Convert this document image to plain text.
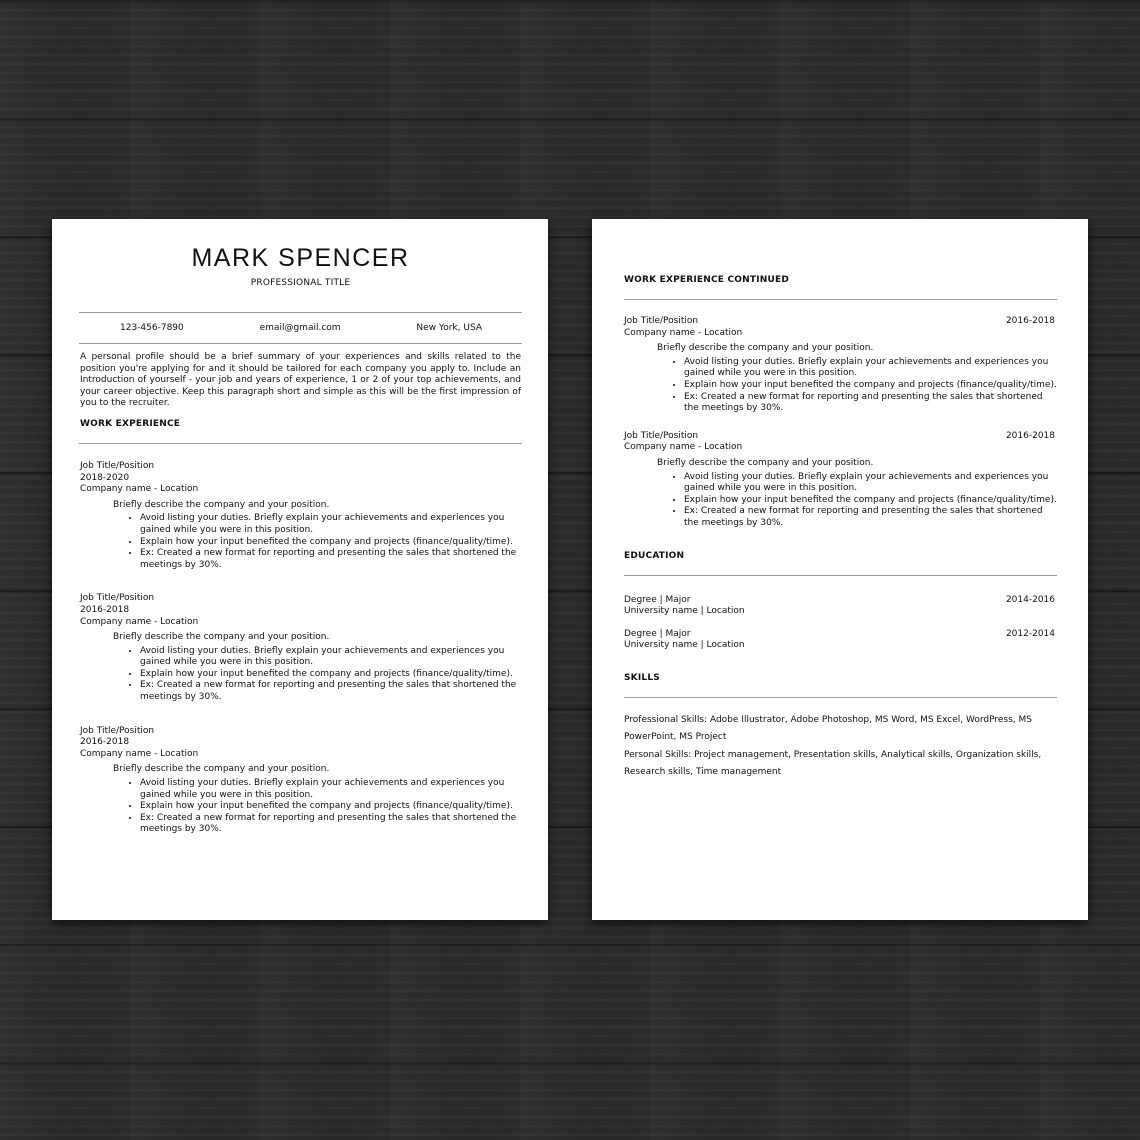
MARK SPENCER
PROFESSIONAL TITLE
123-456-7890	email@gmail.com	New York, USA

A personal profile should be a brief summary of your experiences and skills related to the position you're applying for and it should be tailored for each company you apply to. Include an Introduction of yourself - your job and years of experience, 1 or 2 of your top achievements, and your career objective. Keep this paragraph short and simple as this will be the first impression of you to the recruiter.

WORK EXPERIENCE
Job Title/Position
2018-2020
Company name - Location
Briefly describe the company and your position.
• Avoid listing your duties. Briefly explain your achievements and experiences you gained while you were in this position.
• Explain how your input benefited the company and projects (finance/quality/time).
• Ex: Created a new format for reporting and presenting the sales that shortened the meetings by 30%.
Job Title/Position
2016-2018
Company name - Location
Briefly describe the company and your position.
• Avoid listing your duties. Briefly explain your achievements and experiences you gained while you were in this position.
• Explain how your input benefited the company and projects (finance/quality/time).
• Ex: Created a new format for reporting and presenting the sales that shortened the meetings by 30%.
Job Title/Position
2016-2018
Company name - Location
Briefly describe the company and your position.
• Avoid listing your duties. Briefly explain your achievements and experiences you gained while you were in this position.
• Explain how your input benefited the company and projects (finance/quality/time).
• Ex: Created a new format for reporting and presenting the sales that shortened the meetings by 30%.
WORK EXPERIENCE CONTINUED
Job Title/Position	2016-2018
Company name - Location
Briefly describe the company and your position.
• Avoid listing your duties. Briefly explain your achievements and experiences you gained while you were in this position.
• Explain how your input benefited the company and projects (finance/quality/time).
• Ex: Created a new format for reporting and presenting the sales that shortened the meetings by 30%.
Job Title/Position	2016-2018
Company name - Location
Briefly describe the company and your position.
• Avoid listing your duties. Briefly explain your achievements and experiences you gained while you were in this position.
• Explain how your input benefited the company and projects (finance/quality/time).
• Ex: Created a new format for reporting and presenting the sales that shortened the meetings by 30%.
EDUCATION
Degree | Major	2014-2016
University name | Location
Degree | Major	2012-2014
University name | Location
SKILLS
Professional Skills: Adobe Illustrator, Adobe Photoshop, MS Word, MS Excel, WordPress, MS PowerPoint, MS Project
Personal Skills: Project management, Presentation skills, Analytical skills, Organization skills, Research skills, Time management
